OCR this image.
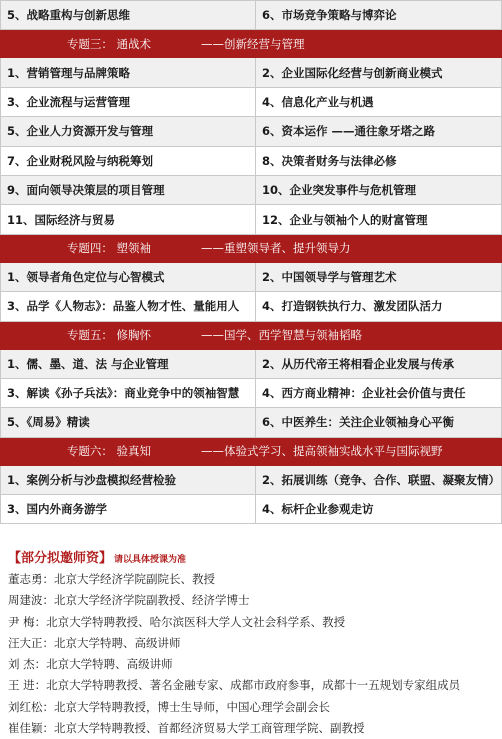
5、战略重构与创新思维	6、市场竞争策略与博弈论

专题三： 通战术 ——创新经营与管理	

1、营销管理与品牌策略	2、企业国际化经营与创新商业模式
3、企业流程与运营管理	4、信息化产业与机遇
5、企业人力资源开发与管理	6、资本运作 ——通往象牙塔之路
7、企业财税风险与纳税筹划	8、决策者财务与法律必修
9、面向领导决策层的项目管理	10、企业突发事件与危机管理
11、国际经济与贸易	12、企业与领袖个人的财富管理

专题四： 塑领袖 ——重塑领导者、提升领导力	

1、领导者角色定位与心智模式	2、中国领导学与管理艺术
3、品学《人物志》：品鉴人物才性、量能用人	4、打造钢铁执行力、激发团队活力

专题五： 修胸怀 ——国学、西学智慧与领袖韬略	

1、儒、墨、道、法 与企业管理	2、从历代帝王将相看企业发展与传承
3、解读《孙子兵法》：商业竞争中的领袖智慧	4、西方商业精神：企业社会价值与责任
5、《周易》精读	6、中医养生：关注企业领袖身心平衡

专题六： 验真知 ——体验式学习、提高领袖实战水平与国际视野	

1、案例分析与沙盘模拟经营检验	2、拓展训练（竞争、合作、联盟、凝聚友情）
3、国内外商务游学	4、标杆企业参观走访
【部分拟邀师资】 请以具体授课为准
董志勇：北京大学经济学院副院长、教授
周建波：北京大学经济学院副教授、经济学博士
尹 梅：北京大学特聘教授、哈尔滨医科大学人文社会科学系、教授
汪大正：北京大学特聘、高级讲师
刘 杰：北京大学特聘、高级讲师
王 进：北京大学特聘教授、著名金融专家、成都市政府参事，成都十一五规划专家组成员
刘红松：北京大学特聘教授，博士生导师，中国心理学会副会长
崔佳颖：北京大学特聘教授、首都经济贸易大学工商管理学院、副教授
